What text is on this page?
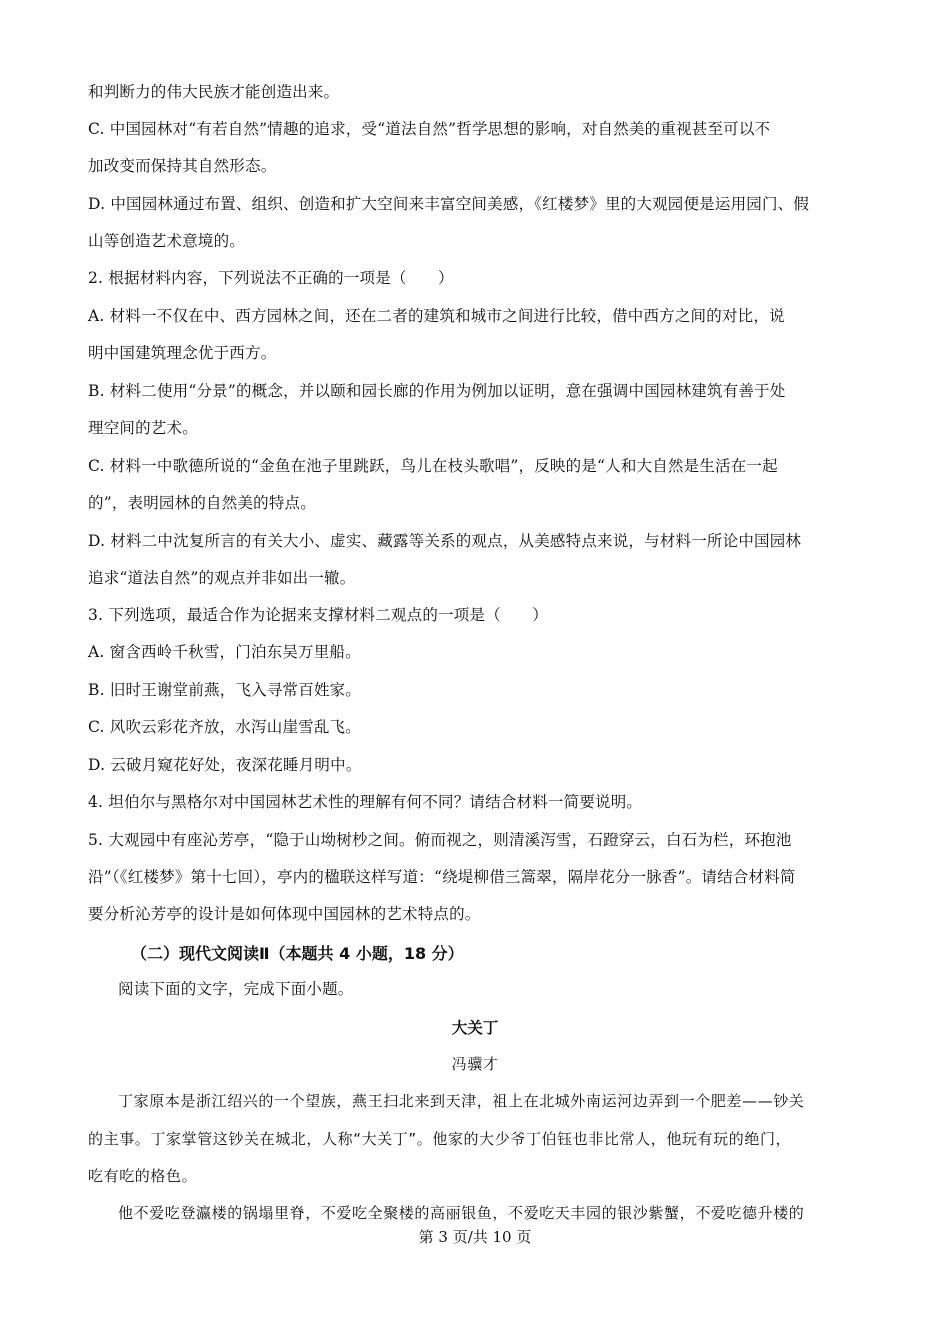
和判断力的伟大民族才能创造出来。
C. 中国园林对“有若自然”情趣的追求，受“道法自然”哲学思想的影响，对自然美的重视甚至可以不
加改变而保持其自然形态。
D. 中国园林通过布置、组织、创造和扩大空间来丰富空间美感，《红楼梦》里的大观园便是运用园门、假
山等创造艺术意境的。
2. 根据材料内容，下列说法不正确的一项是（　　）
A. 材料一不仅在中、西方园林之间，还在二者的建筑和城市之间进行比较，借中西方之间的对比，说
明中国建筑理念优于西方。
B. 材料二使用“分景”的概念，并以颐和园长廊的作用为例加以证明，意在强调中国园林建筑有善于处
理空间的艺术。
C. 材料一中歌德所说的“金鱼在池子里跳跃，鸟儿在枝头歌唱”，反映的是“人和大自然是生活在一起
的”，表明园林的自然美的特点。
D. 材料二中沈复所言的有关大小、虚实、藏露等关系的观点，从美感特点来说，与材料一所论中国园林
追求“道法自然”的观点并非如出一辙。
3. 下列选项，最适合作为论据来支撑材料二观点的一项是（　　）
A. 窗含西岭千秋雪，门泊东吴万里船。
B. 旧时王谢堂前燕，飞入寻常百姓家。
C. 风吹云彩花齐放，水泻山崖雪乱飞。
D. 云破月窥花好处，夜深花睡月明中。
4. 坦伯尔与黑格尔对中国园林艺术性的理解有何不同？请结合材料一简要说明。
5. 大观园中有座沁芳亭，“隐于山坳树杪之间。俯而视之，则清溪泻雪，石蹬穿云，白石为栏，环抱池
沿”（《红楼梦》第十七回），亭内的楹联这样写道：“绕堤柳借三篙翠，隔岸花分一脉香”。请结合材料简
要分析沁芳亭的设计是如何体现中国园林的艺术特点的。
（二）现代文阅读Ⅱ（本题共 4 小题，18 分）
阅读下面的文字，完成下面小题。
大关丁
冯骥才
丁家原本是浙江绍兴的一个望族，燕王扫北来到天津，祖上在北城外南运河边弄到一个肥差——钞关
的主事。丁家掌管这钞关在城北，人称“大关丁”。他家的大少爷丁伯钰也非比常人，他玩有玩的绝门，
吃有吃的格色。
他不爱吃登瀛楼的锅塌里脊，不爱吃全聚楼的高丽银鱼，不爱吃天丰园的银沙紫蟹，不爱吃德升楼的
第 3 页/共 10 页
